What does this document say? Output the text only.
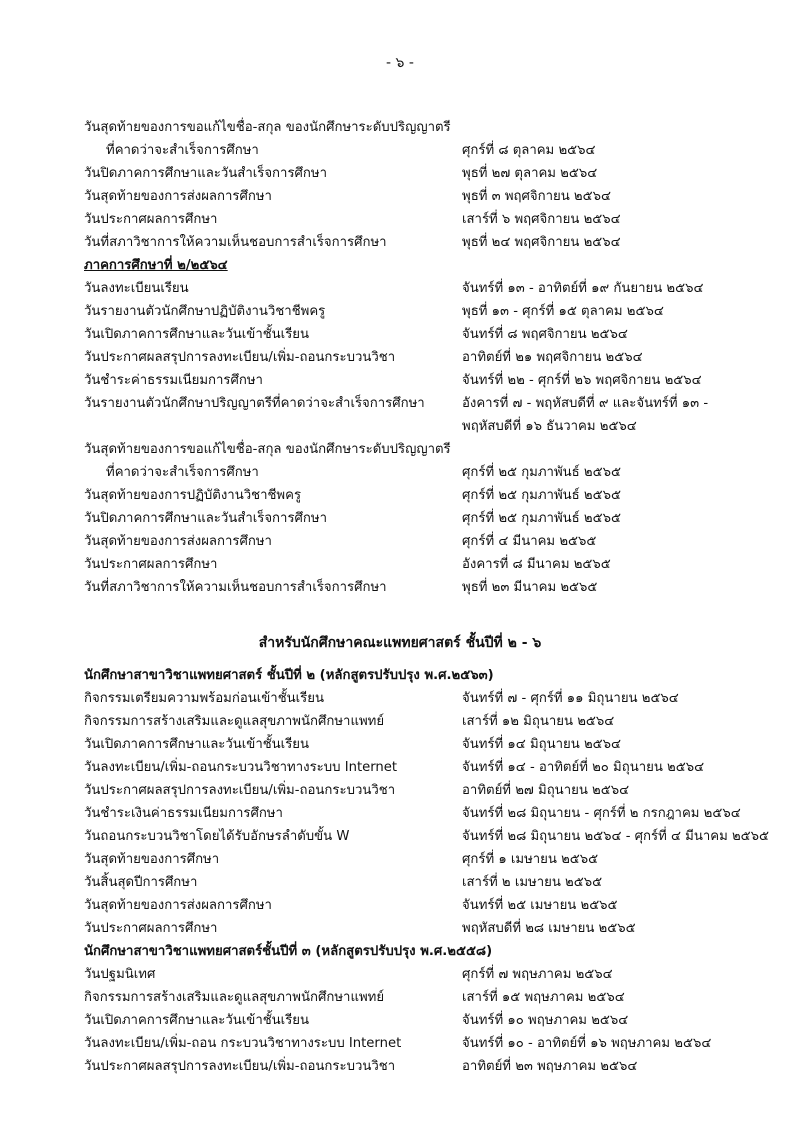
- ๖ -
วันสุดท้ายของการขอแก้ไขชื่อ-สกุล ของนักศึกษาระดับปริญญาตรี
ที่คาดว่าจะสำเร็จการศึกษา	ศุกร์ที่ ๘ ตุลาคม ๒๕๖๔
วันปิดภาคการศึกษาและวันสำเร็จการศึกษา	พุธที่ ๒๗ ตุลาคม ๒๕๖๔
วันสุดท้ายของการส่งผลการศึกษา	พุธที่ ๓ พฤศจิกายน ๒๕๖๔
วันประกาศผลการศึกษา	เสาร์ที่ ๖ พฤศจิกายน ๒๕๖๔
วันที่สภาวิชาการให้ความเห็นชอบการสำเร็จการศึกษา	พุธที่ ๒๔ พฤศจิกายน ๒๕๖๔
ภาคการศึกษาที่ ๒/๒๕๖๔
วันลงทะเบียนเรียน	จันทร์ที่ ๑๓ - อาทิตย์ที่ ๑๙ กันยายน ๒๕๖๔
วันรายงานตัวนักศึกษาปฏิบัติงานวิชาชีพครู	พุธที่ ๑๓ - ศุกร์ที่ ๑๕ ตุลาคม ๒๕๖๔
วันเปิดภาคการศึกษาและวันเข้าชั้นเรียน	จันทร์ที่ ๘ พฤศจิกายน ๒๕๖๔
วันประกาศผลสรุปการลงทะเบียน/เพิ่ม-ถอนกระบวนวิชา	อาทิตย์ที่ ๒๑ พฤศจิกายน ๒๕๖๔
วันชำระค่าธรรมเนียมการศึกษา	จันทร์ที่ ๒๒ - ศุกร์ที่ ๒๖ พฤศจิกายน ๒๕๖๔
วันรายงานตัวนักศึกษาปริญญาตรีที่คาดว่าจะสำเร็จการศึกษา	อังคารที่ ๗ - พฤหัสบดีที่ ๙ และจันทร์ที่ ๑๓ -
พฤหัสบดีที่ ๑๖ ธันวาคม ๒๕๖๔
วันสุดท้ายของการขอแก้ไขชื่อ-สกุล ของนักศึกษาระดับปริญญาตรี
ที่คาดว่าจะสำเร็จการศึกษา	ศุกร์ที่ ๒๕ กุมภาพันธ์ ๒๕๖๕
วันสุดท้ายของการปฏิบัติงานวิชาชีพครู	ศุกร์ที่ ๒๕ กุมภาพันธ์ ๒๕๖๕
วันปิดภาคการศึกษาและวันสำเร็จการศึกษา	ศุกร์ที่ ๒๕ กุมภาพันธ์ ๒๕๖๕
วันสุดท้ายของการส่งผลการศึกษา	ศุกร์ที่ ๔ มีนาคม ๒๕๖๕
วันประกาศผลการศึกษา	อังคารที่ ๘ มีนาคม ๒๕๖๕
วันที่สภาวิชาการให้ความเห็นชอบการสำเร็จการศึกษา	พุธที่ ๒๓ มีนาคม ๒๕๖๕
สำหรับนักศึกษาคณะแพทยศาสตร์ ชั้นปีที่ ๒ - ๖
นักศึกษาสาขาวิชาแพทยศาสตร์ ชั้นปีที่ ๒ (หลักสูตรปรับปรุง พ.ศ.๒๕๖๓)
กิจกรรมเตรียมความพร้อมก่อนเข้าชั้นเรียน	จันทร์ที่ ๗ - ศุกร์ที่ ๑๑ มิถุนายน ๒๕๖๔
กิจกรรมการสร้างเสริมและดูแลสุขภาพนักศึกษาแพทย์	เสาร์ที่ ๑๒ มิถุนายน ๒๕๖๔
วันเปิดภาคการศึกษาและวันเข้าชั้นเรียน	จันทร์ที่ ๑๔ มิถุนายน ๒๕๖๔
วันลงทะเบียน/เพิ่ม-ถอนกระบวนวิชาทางระบบ Internet	จันทร์ที่ ๑๔ - อาทิตย์ที่ ๒๐ มิถุนายน ๒๕๖๔
วันประกาศผลสรุปการลงทะเบียน/เพิ่ม-ถอนกระบวนวิชา	อาทิตย์ที่ ๒๗ มิถุนายน ๒๕๖๔
วันชำระเงินค่าธรรมเนียมการศึกษา	จันทร์ที่ ๒๘ มิถุนายน - ศุกร์ที่ ๒ กรกฎาคม ๒๕๖๔
วันถอนกระบวนวิชาโดยได้รับอักษรลำดับขั้น W	จันทร์ที่ ๒๘ มิถุนายน ๒๕๖๔ - ศุกร์ที่ ๔ มีนาคม ๒๕๖๕
วันสุดท้ายของการศึกษา	ศุกร์ที่ ๑ เมษายน ๒๕๖๕
วันสิ้นสุดปีการศึกษา	เสาร์ที่ ๒ เมษายน ๒๕๖๕
วันสุดท้ายของการส่งผลการศึกษา	จันทร์ที่ ๒๕ เมษายน ๒๕๖๕
วันประกาศผลการศึกษา	พฤหัสบดีที่ ๒๘ เมษายน ๒๕๖๕
นักศึกษาสาขาวิชาแพทยศาสตร์ชั้นปีที่ ๓ (หลักสูตรปรับปรุง พ.ศ.๒๕๕๘)
วันปฐมนิเทศ	ศุกร์ที่ ๗ พฤษภาคม ๒๕๖๔
กิจกรรมการสร้างเสริมและดูแลสุขภาพนักศึกษาแพทย์	เสาร์ที่ ๑๕ พฤษภาคม ๒๕๖๔
วันเปิดภาคการศึกษาและวันเข้าชั้นเรียน	จันทร์ที่ ๑๐ พฤษภาคม ๒๕๖๔
วันลงทะเบียน/เพิ่ม-ถอน กระบวนวิชาทางระบบ Internet	จันทร์ที่ ๑๐ - อาทิตย์ที่ ๑๖ พฤษภาคม ๒๕๖๔
วันประกาศผลสรุปการลงทะเบียน/เพิ่ม-ถอนกระบวนวิชา	อาทิตย์ที่ ๒๓ พฤษภาคม ๒๕๖๔
